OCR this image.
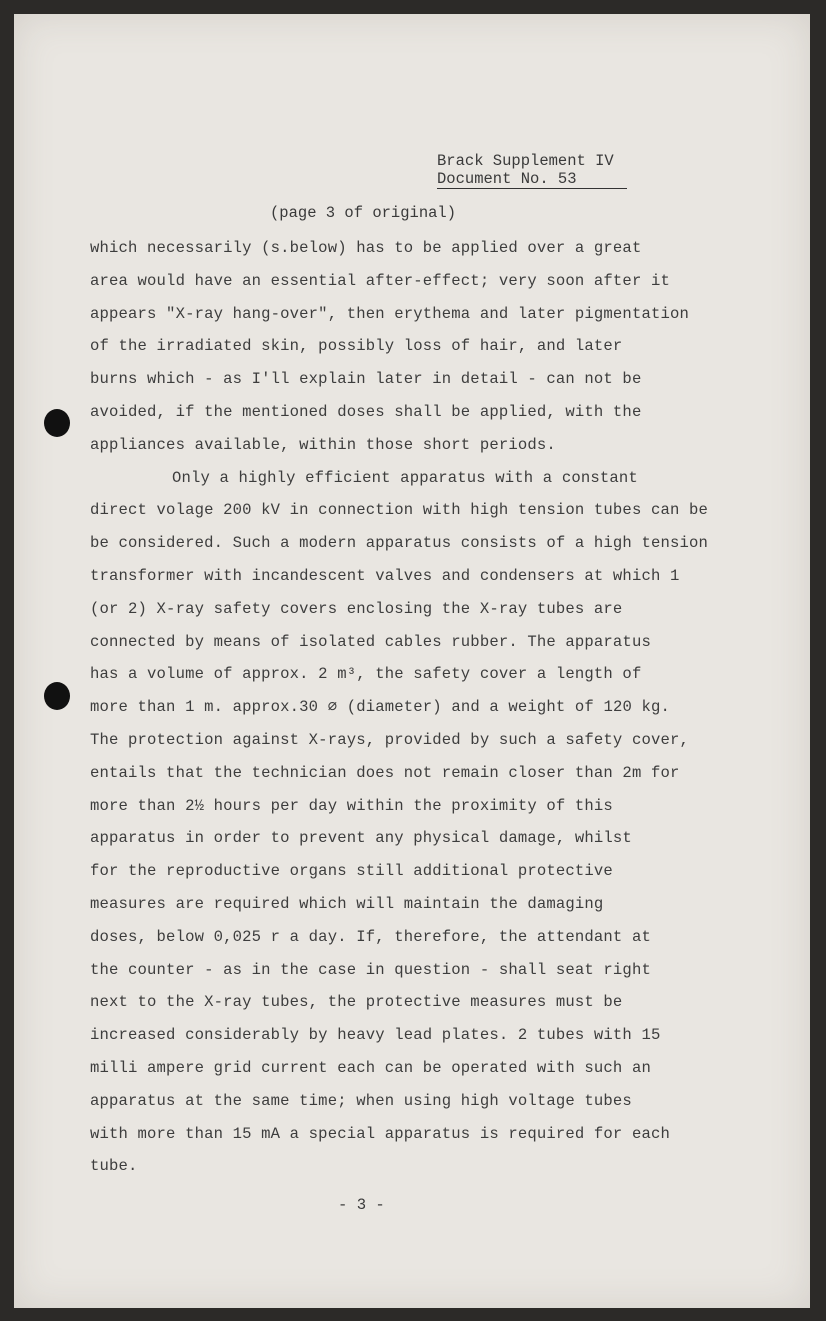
Brack Supplement IV
Document No. 53
(page 3 of original)
which necessarily (s.below) has to be applied over a great
area would have an essential after-effect; very soon after it
appears "X-ray hang-over", then erythema and later pigmentation
of the irradiated skin, possibly loss of hair, and later
burns which - as I'll explain later in detail - can not be
avoided, if the mentioned doses shall be applied, with the
appliances available, within those short periods.
Only a highly efficient apparatus with a constant
direct volage 200 kV in connection with high tension tubes can be
be considered. Such a modern apparatus consists of a high tension
transformer with incandescent valves and condensers at which 1
(or 2) X-ray safety covers enclosing the X-ray tubes are
connected by means of isolated cables rubber. The apparatus
has a volume of approx. 2 m³, the safety cover a length of
more than 1 m. approx.30 ∅ (diameter) and a weight of 120 kg.
The protection against X-rays, provided by such a safety cover,
entails that the technician does not remain closer than 2m for
more than 2½ hours per day within the proximity of this
apparatus in order to prevent any physical damage, whilst
for the reproductive organs still additional protective
measures are required which will maintain the damaging
doses, below 0,025 r a day. If, therefore, the attendant at
the counter - as in the case in question - shall seat right
next to the X-ray tubes, the protective measures must be
increased considerably by heavy lead plates. 2 tubes with 15
milli ampere grid current each can be operated with such an
apparatus at the same time; when using high voltage tubes
with more than 15 mA a special apparatus is required for each
tube.
- 3 -
